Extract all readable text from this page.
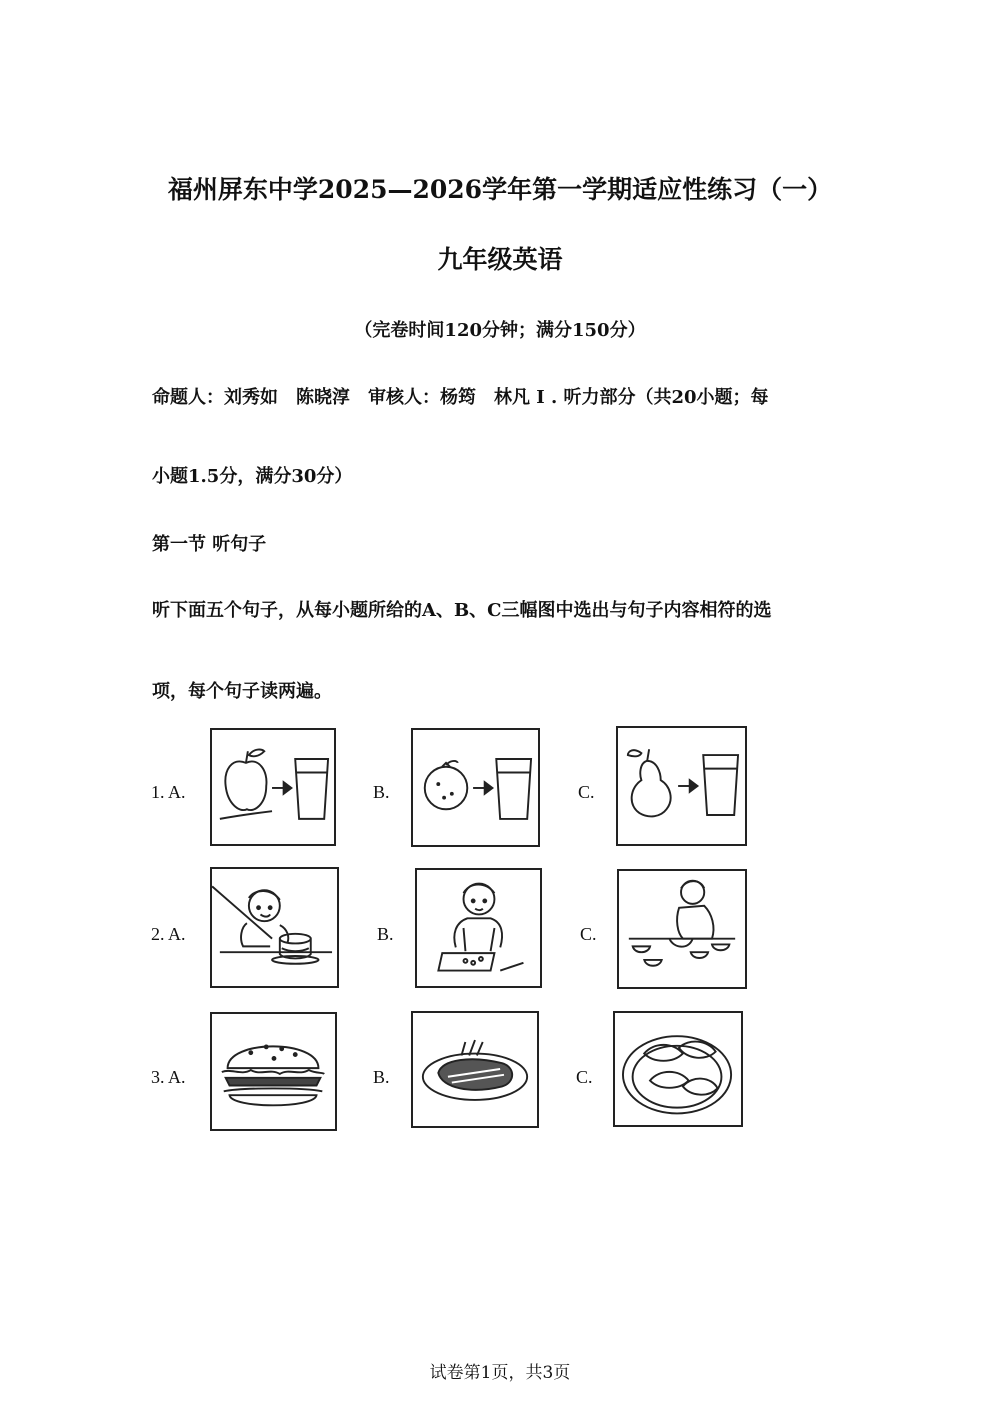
福州屏东中学2025—2026学年第一学期适应性练习（一）
九年级英语
（完卷时间120分钟；满分150分）
命题人：刘秀如　陈晓淳　审核人：杨筠　林凡 I . 听力部分（共20小题；每
小题1.5分，满分30分）
第一节 听句子
听下面五个句子，从每小题所给的A、B、C三幅图中选出与句子内容相符的选
项，每个句子读两遍。
1. A.	B.	C.
2. A.	B.	C.
3. A.	B.	C.
试卷第1页，共3页
